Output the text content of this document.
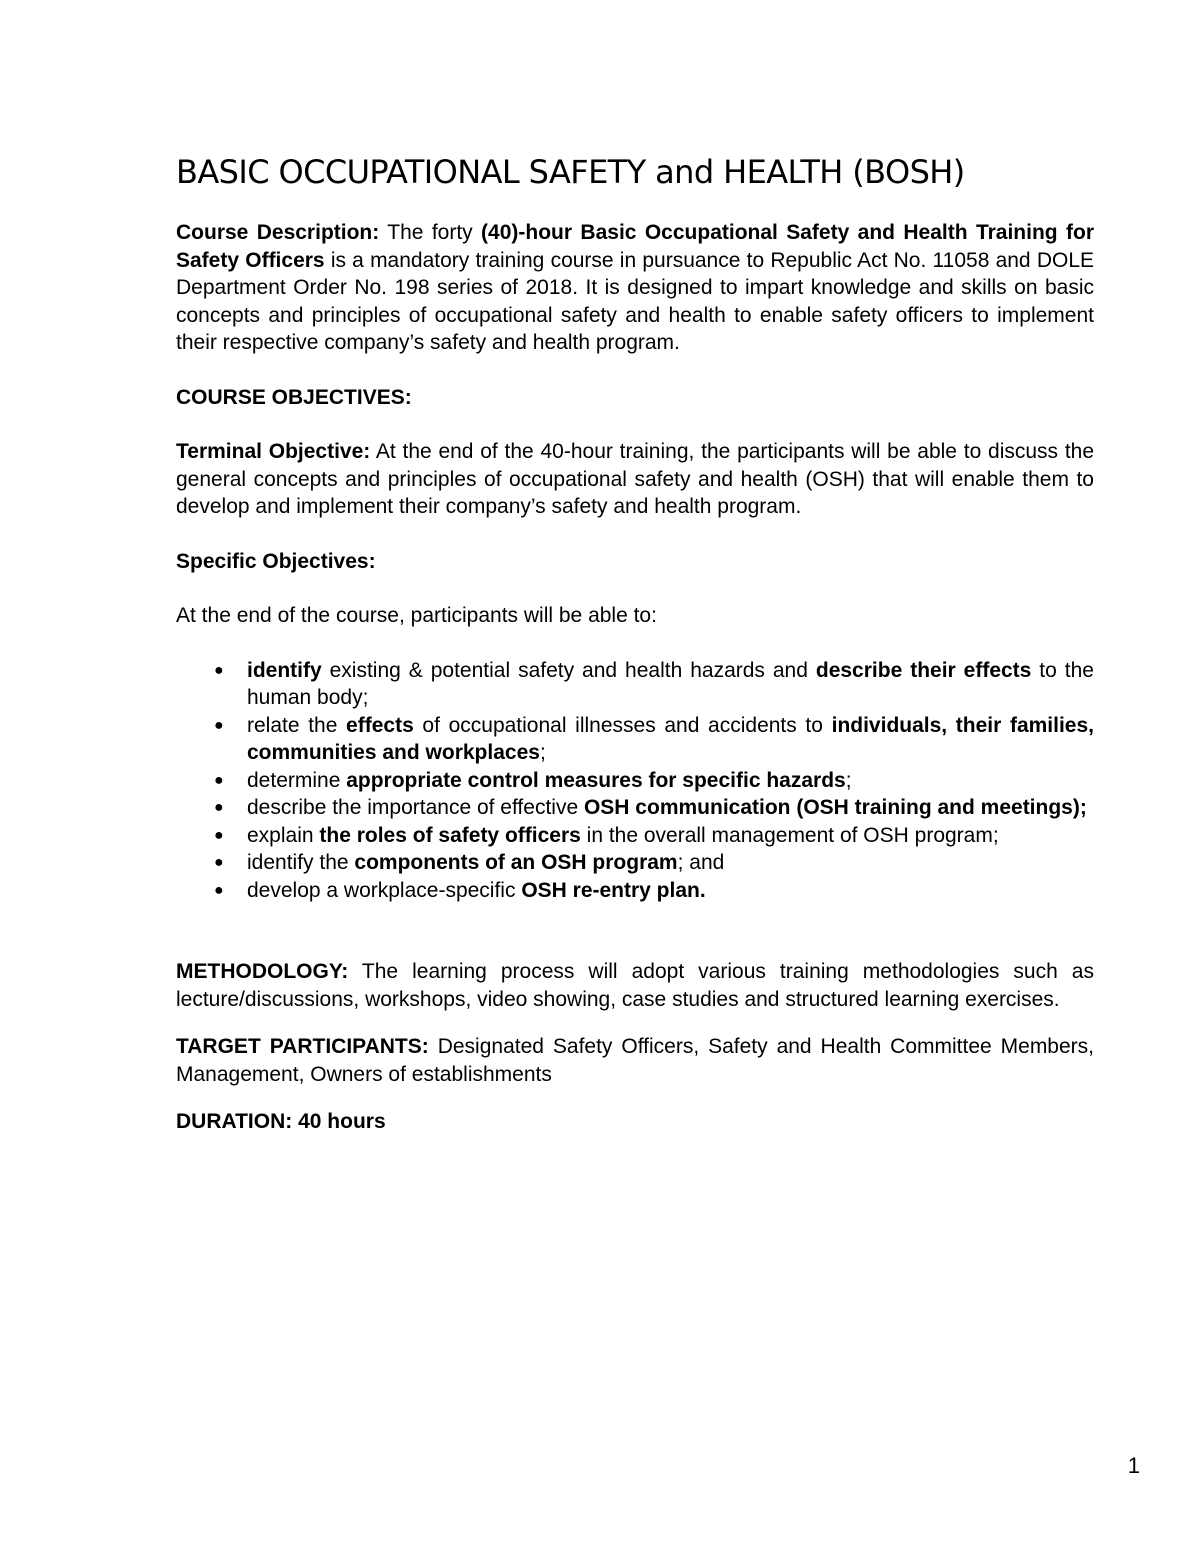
BASIC OCCUPATIONAL SAFETY and HEALTH (BOSH)

Course Description: The forty (40)-hour Basic Occupational Safety and Health Training for Safety Officers is a mandatory training course in pursuance to Republic Act No. 11058 and DOLE Department Order No. 198 series of 2018. It is designed to impart knowledge and skills on basic concepts and principles of occupational safety and health to enable safety officers to implement their respective company’s safety and health program.

COURSE OBJECTIVES:

Terminal Objective: At the end of the 40-hour training, the participants will be able to discuss the general concepts and principles of occupational safety and health (OSH) that will enable them to develop and implement their company’s safety and health program.

Specific Objectives:

At the end of the course, participants will be able to:

● identify existing & potential safety and health hazards and describe their effects to the human body;
● relate the effects of occupational illnesses and accidents to individuals, their families, communities and workplaces;
● determine appropriate control measures for specific hazards;
● describe the importance of effective OSH communication (OSH training and meetings);
● explain the roles of safety officers in the overall management of OSH program;
● identify the components of an OSH program; and
● develop a workplace-specific OSH re-entry plan.

METHODOLOGY: The learning process will adopt various training methodologies such as lecture/discussions, workshops, video showing, case studies and structured learning exercises.

TARGET PARTICIPANTS: Designated Safety Officers, Safety and Health Committee Members, Management, Owners of establishments

DURATION: 40 hours

1
